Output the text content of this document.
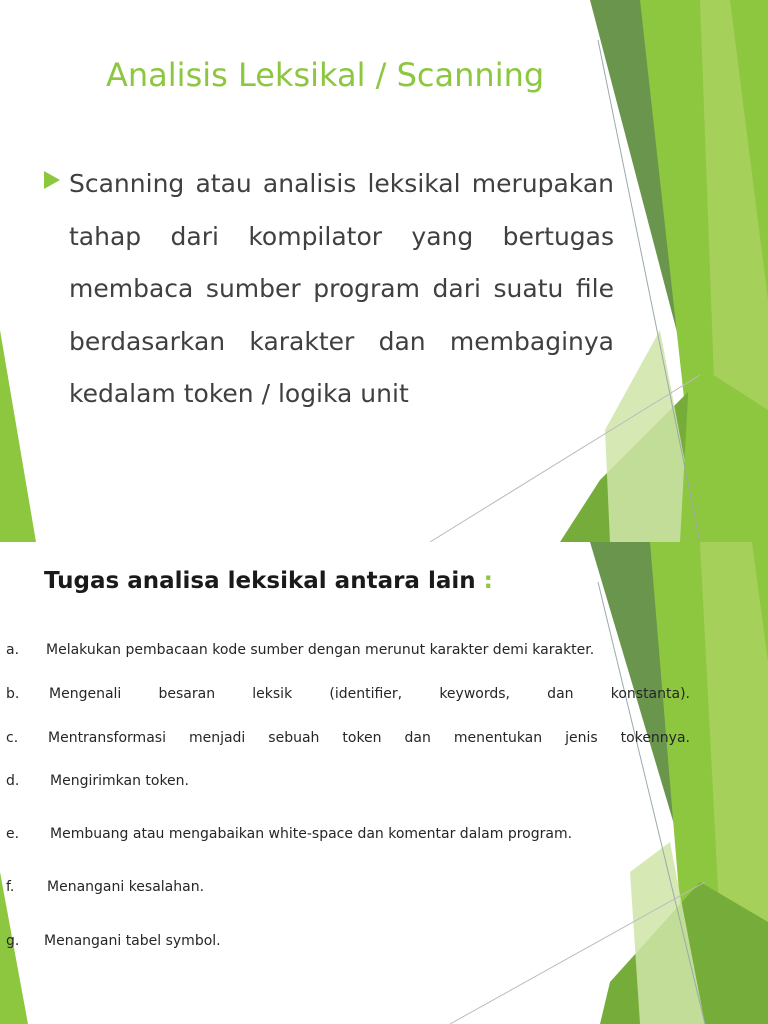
Analisis Leksikal / Scanning

Scanning atau analisis leksikal merupakan tahap dari kompilator yang bertugas membaca sumber program dari suatu file berdasarkan karakter dan membaginya kedalam token / logika unit

Tugas analisa leksikal antara lain :
a. Melakukan pembacaan kode sumber dengan merunut karakter demi karakter.
b. Mengenali besaran leksik (identifier, keywords, dan konstanta).
c. Mentransformasi menjadi sebuah token dan menentukan jenis tokennya.
d. Mengirimkan token.
e. Membuang atau mengabaikan white-space dan komentar dalam program.
f. Menangani kesalahan.
g. Menangani tabel symbol.
